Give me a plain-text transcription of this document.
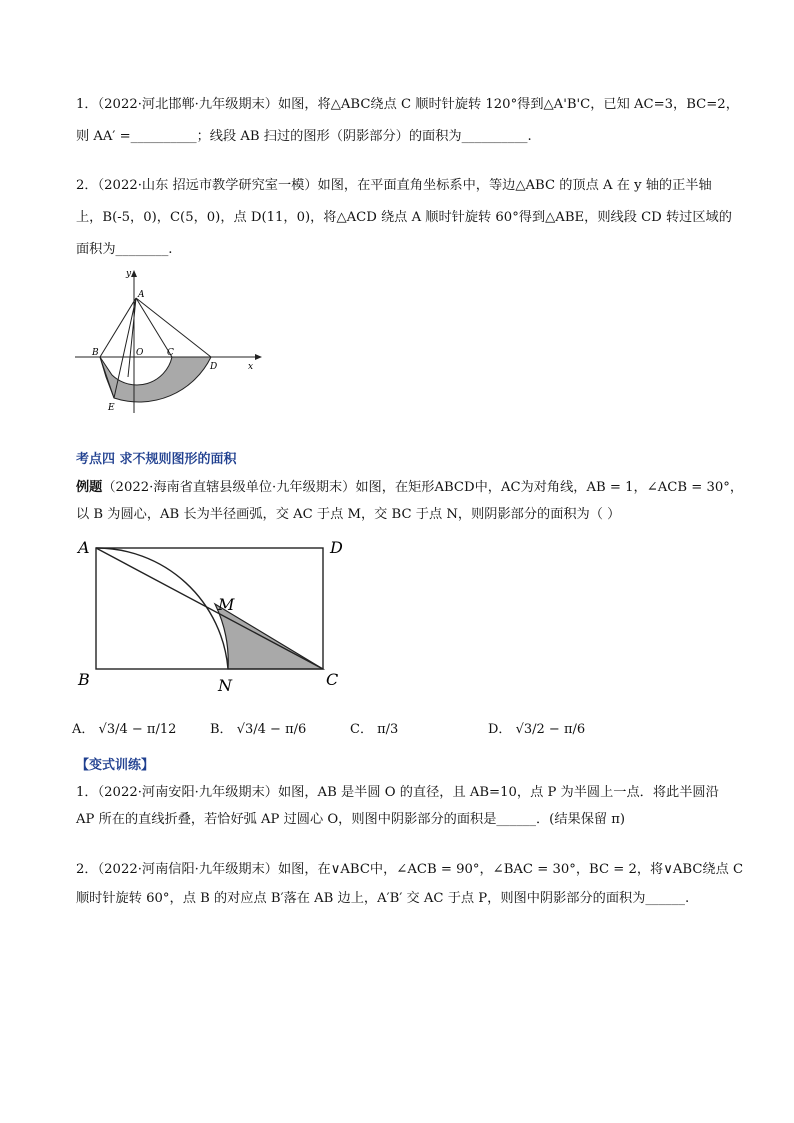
1．（2022·河北邯郸·九年级期末）如图，将△ABC绕点 C 顺时针旋转 120°得到△A'B'C，已知 AC=3，BC=2，
则 AA′ =__________；线段 AB 扫过的图形（阴影部分）的面积为__________.
2．（2022·山东 招远市教学研究室一模）如图，在平面直角坐标系中，等边△ABC 的顶点 A 在 y 轴的正半轴
上，B(-5，0)，C(5，0)，点 D(11，0)，将△ACD 绕点 A 顺时针旋转 60°得到△ABE，则线段 CD 转过区域的
面积为________.
y
A
B	O	C
D	x
E
考点四 求不规则图形的面积
例题（2022·海南省直辖县级单位·九年级期末）如图，在矩形ABCD中，AC为对角线，AB = 1，∠ACB = 30°，
以 B 为圆心，AB 长为半径画弧，交 AC 于点 M，交 BC 于点 N，则阴影部分的面积为（ ）
A	D
B	C
M
N
A． √3/4 − π/12	B． √3/4 − π/6	C． π/3	D． √3/2 − π/6
【变式训练】
1．（2022·河南安阳·九年级期末）如图，AB 是半圆 O 的直径，且 AB=10，点 P 为半圆上一点．将此半圆沿
AP 所在的直线折叠，若恰好弧 AP 过圆心 O，则图中阴影部分的面积是______．(结果保留 π)
2．（2022·河南信阳·九年级期末）如图，在∨ABC中，∠ACB = 90°，∠BAC = 30°，BC = 2，将∨ABC绕点 C
顺时针旋转 60°，点 B 的对应点 B′落在 AB 边上，A′B′ 交 AC 于点 P，则图中阴影部分的面积为______.
